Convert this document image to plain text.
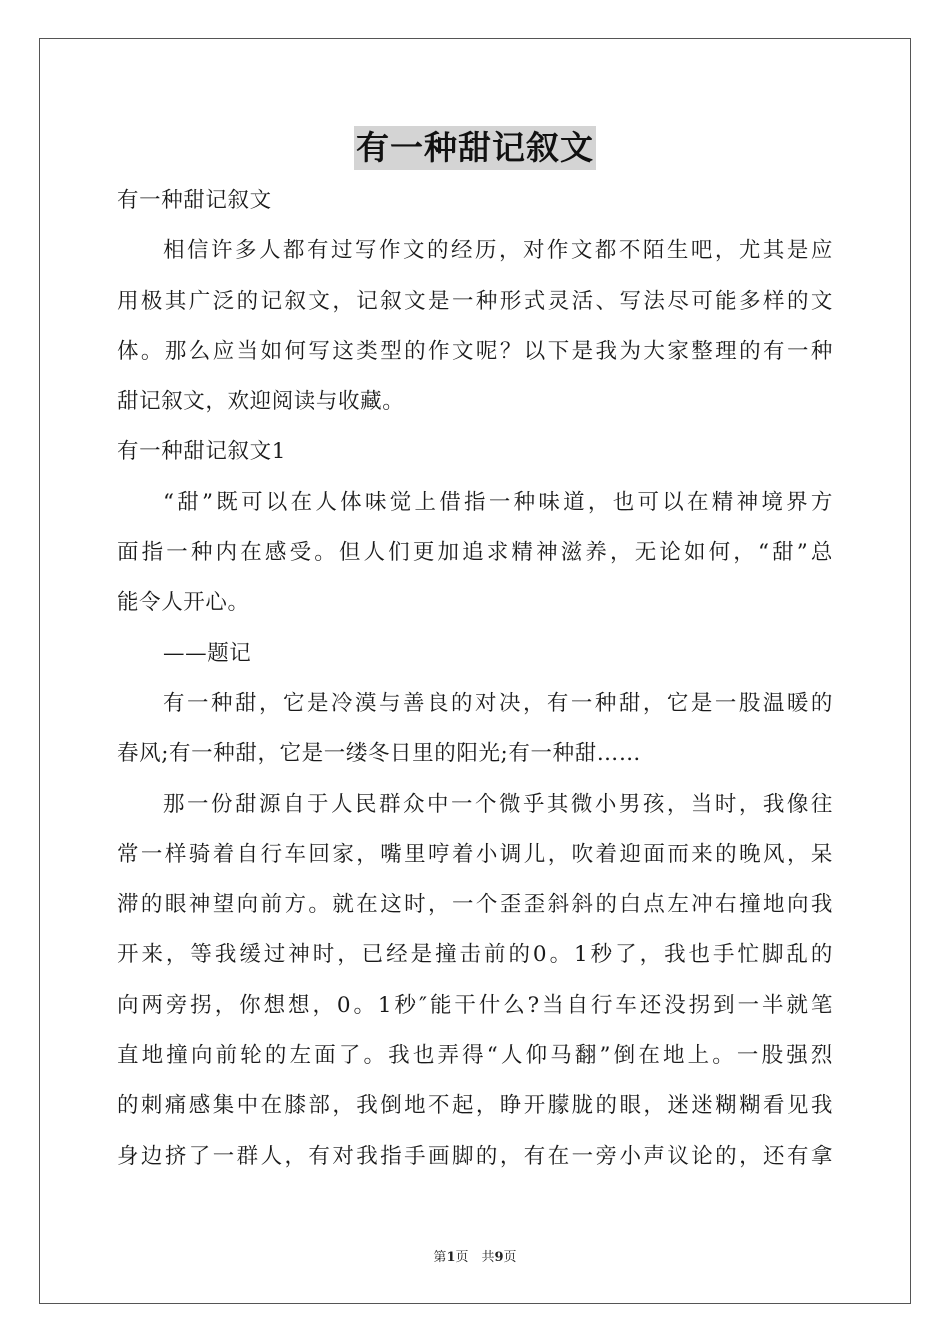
有一种甜记叙文
有一种甜记叙文
相信许多人都有过写作文的经历，对作文都不陌生吧，尤其是应
用极其广泛的记叙文，记叙文是一种形式灵活、写法尽可能多样的文
体。那么应当如何写这类型的作文呢？以下是我为大家整理的有一种
甜记叙文，欢迎阅读与收藏。
有一种甜记叙文1
“甜”既可以在人体味觉上借指一种味道，也可以在精神境界方
面指一种内在感受。但人们更加追求精神滋养，无论如何，“甜”总
能令人开心。
——题记
有一种甜，它是冷漠与善良的对决，有一种甜，它是一股温暖的
春风;有一种甜，它是一缕冬日里的阳光;有一种甜……
那一份甜源自于人民群众中一个微乎其微小男孩，当时，我像往
常一样骑着自行车回家，嘴里哼着小调儿，吹着迎面而来的晚风，呆
滞的眼神望向前方。就在这时，一个歪歪斜斜的白点左冲右撞地向我
开来，等我缓过神时，已经是撞击前的0。1秒了，我也手忙脚乱的
向两旁拐，你想想，0。1秒″能干什么?当自行车还没拐到一半就笔
直地撞向前轮的左面了。我也弄得“人仰马翻”倒在地上。一股强烈
的刺痛感集中在膝部，我倒地不起，睁开朦胧的眼，迷迷糊糊看见我
身边挤了一群人，有对我指手画脚的，有在一旁小声议论的，还有拿
第1页　共9页
